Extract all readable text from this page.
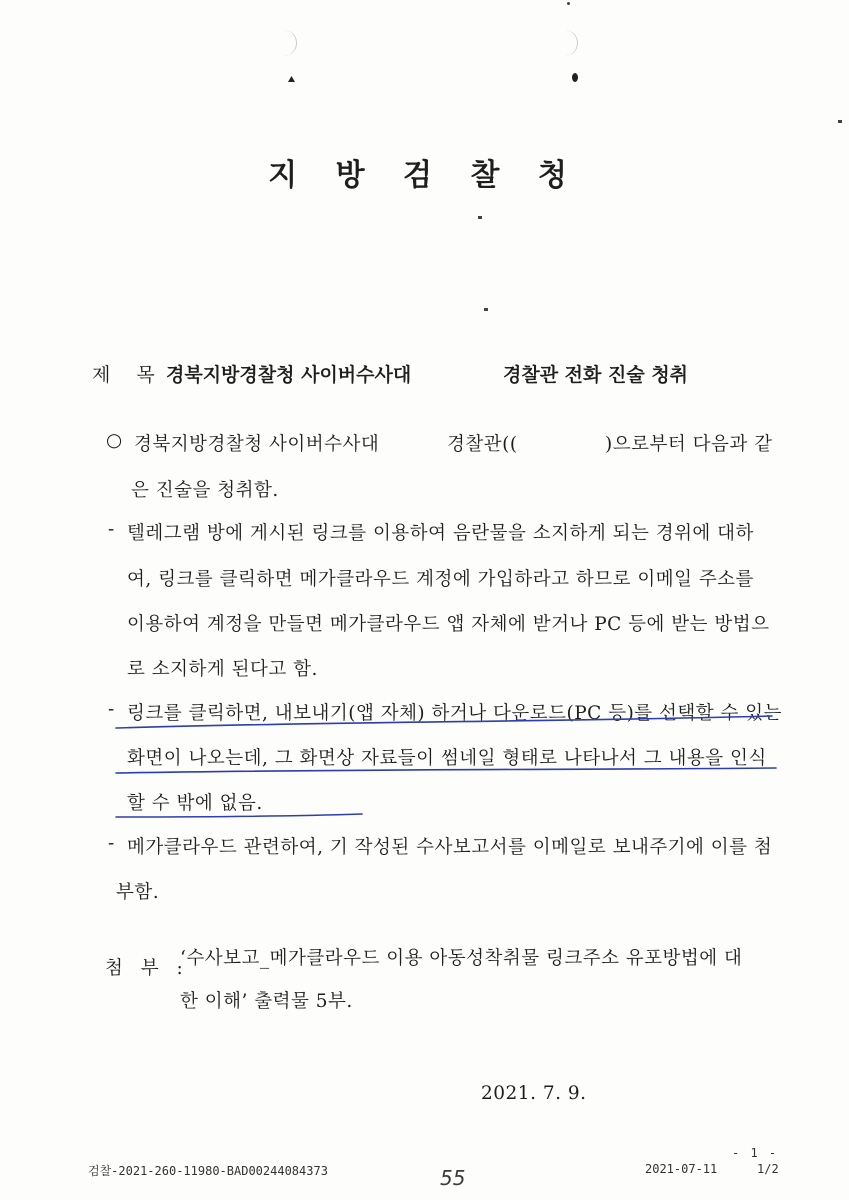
지 방 검 찰 청
제 목 경북지방경찰청 사이버수사대	경찰관 전화 진술 청취
○ 경북지방경찰청 사이버수사대	경찰관((	)으로부터 다음과 같
은 진술을 청취함.
- 텔레그램 방에 게시된 링크를 이용하여 음란물을 소지하게 되는 경위에 대하
여, 링크를 클릭하면 메가클라우드 계정에 가입하라고 하므로 이메일 주소를
이용하여 계정을 만들면 메가클라우드 앱 자체에 받거나 PC 등에 받는 방법으
로 소지하게 된다고 함.
- 링크를 클릭하면, 내보내기(앱 자체) 하거나 다운로드(PC 등)를 선택할 수 있는
화면이 나오는데, 그 화면상 자료들이 썸네일 형태로 나타나서 그 내용을 인식
할 수 밖에 없음.
- 메가클라우드 관련하여, 기 작성된 수사보고서를 이메일로 보내주기에 이를 첨
부함.
첨 부 :
‘수사보고_메가클라우드 이용 아동성착취물 링크주소 유포방법에 대
한 이해’ 출력물 5부.
2021. 7. 9.
검찰-2021-260-11980-BAD00244084373	55
- 1 -
2021-07-11	1/2
